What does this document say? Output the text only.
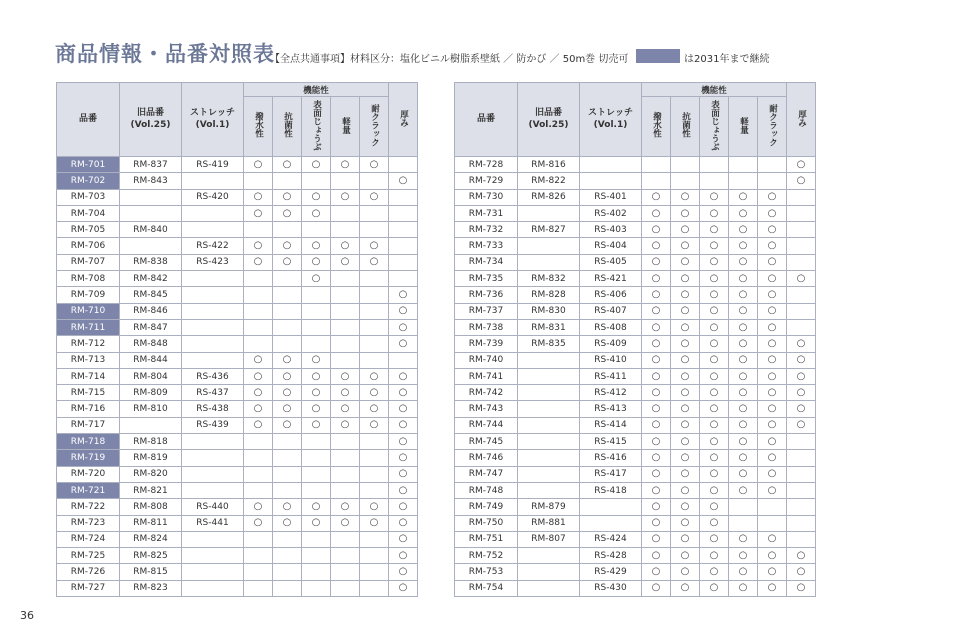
商品情報・品番対照表
【全点共通事項】材料区分：塩化ビニル樹脂系壁紙 ／ 防かび ／ 50m巻 切売可	は2031年まで継続
品番	旧品番
(Vol.25)	ストレッチ
(Vol.1)	機能性					厚み
			撥水性	抗菌性	表面じょうぶ	軽量	耐クラック	
RM-701	RM-837	RS-419	○	○	○	○	○	
RM-702	RM-843							○
RM-703		RS-420	○	○	○	○	○	
RM-704			○	○	○			
RM-705	RM-840							
RM-706		RS-422	○	○	○	○	○	
RM-707	RM-838	RS-423	○	○	○	○	○	
RM-708	RM-842				○			
RM-709	RM-845							○
RM-710	RM-846							○
RM-711	RM-847							○
RM-712	RM-848							○
RM-713	RM-844		○	○	○			
RM-714	RM-804	RS-436	○	○	○	○	○	○
RM-715	RM-809	RS-437	○	○	○	○	○	○
RM-716	RM-810	RS-438	○	○	○	○	○	○
RM-717		RS-439	○	○	○	○	○	○
RM-718	RM-818							○
RM-719	RM-819							○
RM-720	RM-820							○
RM-721	RM-821							○
RM-722	RM-808	RS-440	○	○	○	○	○	○
RM-723	RM-811	RS-441	○	○	○	○	○	○
RM-724	RM-824							○
RM-725	RM-825							○
RM-726	RM-815							○
RM-727	RM-823							○
品番	旧品番
(Vol.25)	ストレッチ
(Vol.1)	機能性					厚み
			撥水性	抗菌性	表面じょうぶ	軽量	耐クラック	
RM-728	RM-816							○
RM-729	RM-822							○
RM-730	RM-826	RS-401	○	○	○	○	○	
RM-731		RS-402	○	○	○	○	○	
RM-732	RM-827	RS-403	○	○	○	○	○	
RM-733		RS-404	○	○	○	○	○	
RM-734		RS-405	○	○	○	○	○	
RM-735	RM-832	RS-421	○	○	○	○	○	○
RM-736	RM-828	RS-406	○	○	○	○	○	
RM-737	RM-830	RS-407	○	○	○	○	○	
RM-738	RM-831	RS-408	○	○	○	○	○	
RM-739	RM-835	RS-409	○	○	○	○	○	○
RM-740		RS-410	○	○	○	○	○	○
RM-741		RS-411	○	○	○	○	○	○
RM-742		RS-412	○	○	○	○	○	○
RM-743		RS-413	○	○	○	○	○	○
RM-744		RS-414	○	○	○	○	○	○
RM-745		RS-415	○	○	○	○	○	
RM-746		RS-416	○	○	○	○	○	
RM-747		RS-417	○	○	○	○	○	
RM-748		RS-418	○	○	○	○	○	
RM-749	RM-879		○	○	○			
RM-750	RM-881		○	○	○			
RM-751	RM-807	RS-424	○	○	○	○	○	
RM-752		RS-428	○	○	○	○	○	○
RM-753		RS-429	○	○	○	○	○	○
RM-754		RS-430	○	○	○	○	○	○
36
